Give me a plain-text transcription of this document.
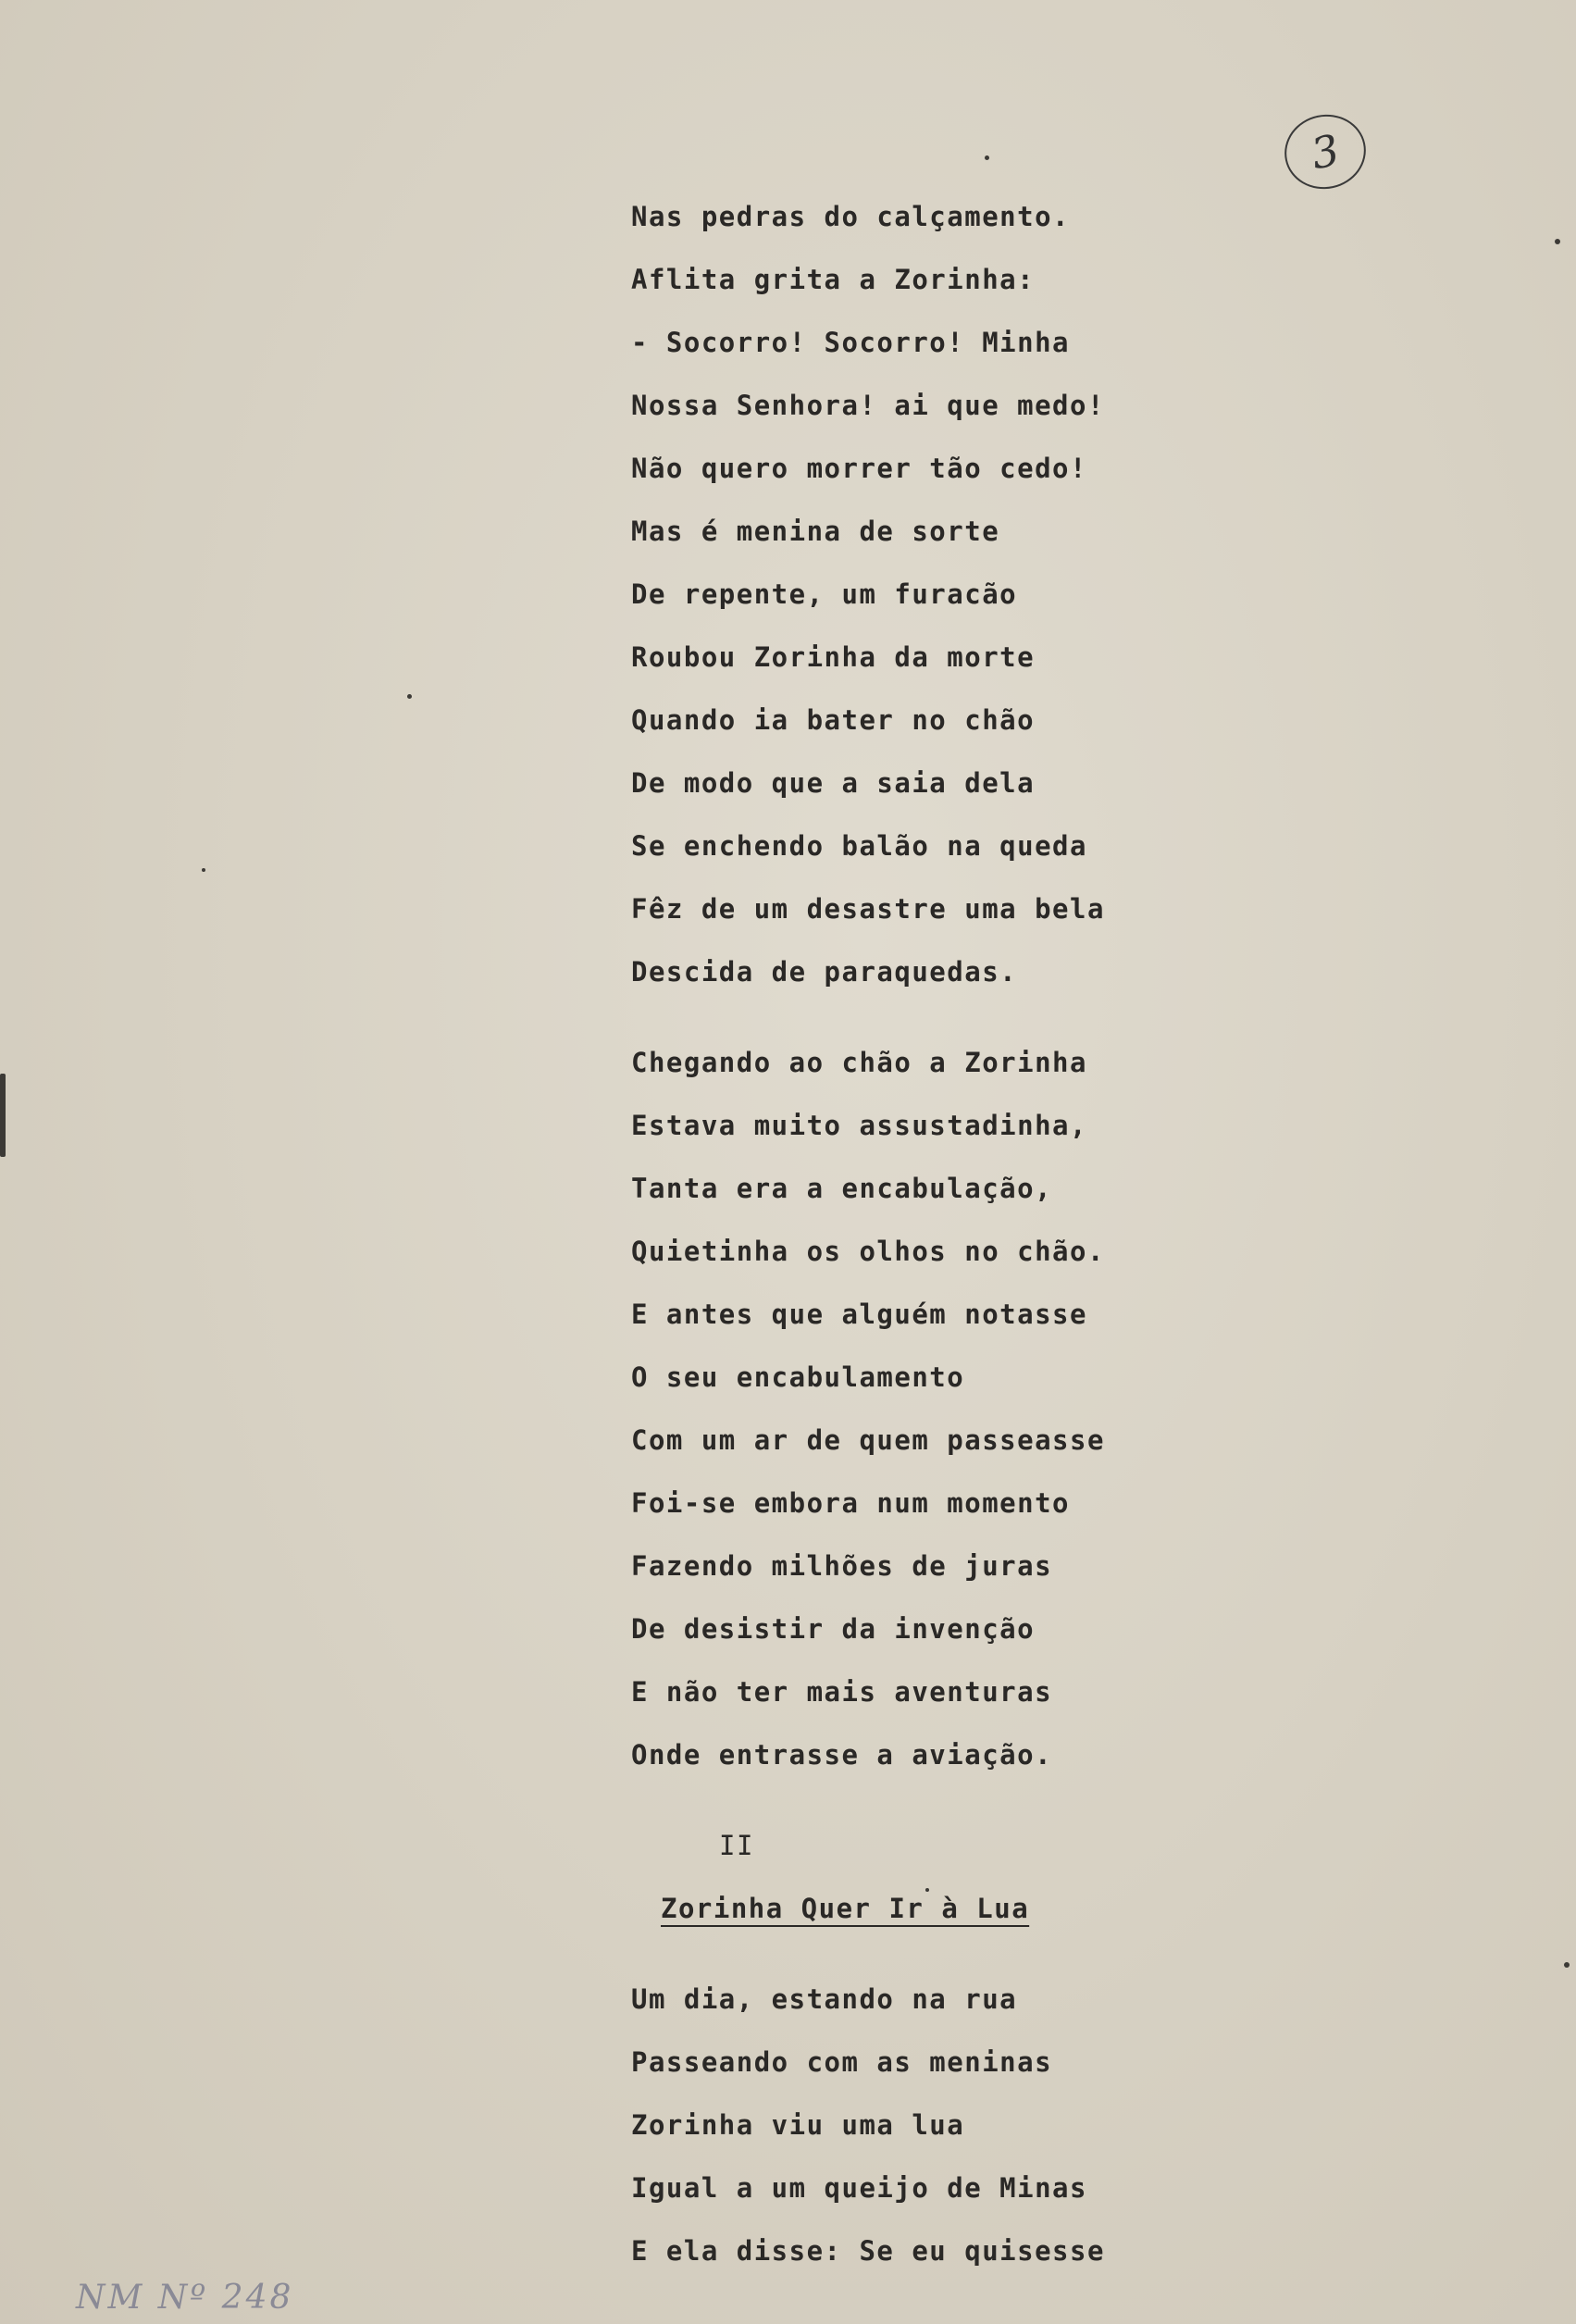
3
Nas pedras do calçamento.
Aflita grita a Zorinha:
- Socorro! Socorro! Minha
Nossa Senhora! ai que medo!
Não quero morrer tão cedo!
Mas é menina de sorte
De repente, um furacão
Roubou Zorinha da morte
Quando ia bater no chão
De modo que a saia dela
Se enchendo balão na queda
Fêz de um desastre uma bela
Descida de paraquedas.
Chegando ao chão a Zorinha
Estava muito assustadinha,
Tanta era a encabulação,
Quietinha os olhos no chão.
E antes que alguém notasse
O seu encabulamento
Com um ar de quem passeasse
Foi-se embora num momento
Fazendo milhões de juras
De desistir da invenção
E não ter mais aventuras
Onde entrasse a aviação.
II
Zorinha Quer Ir à Lua
Um dia, estando na rua
Passeando com as meninas
Zorinha viu uma lua
Igual a um queijo de Minas
E ela disse: Se eu quisesse
NM Nº 248
